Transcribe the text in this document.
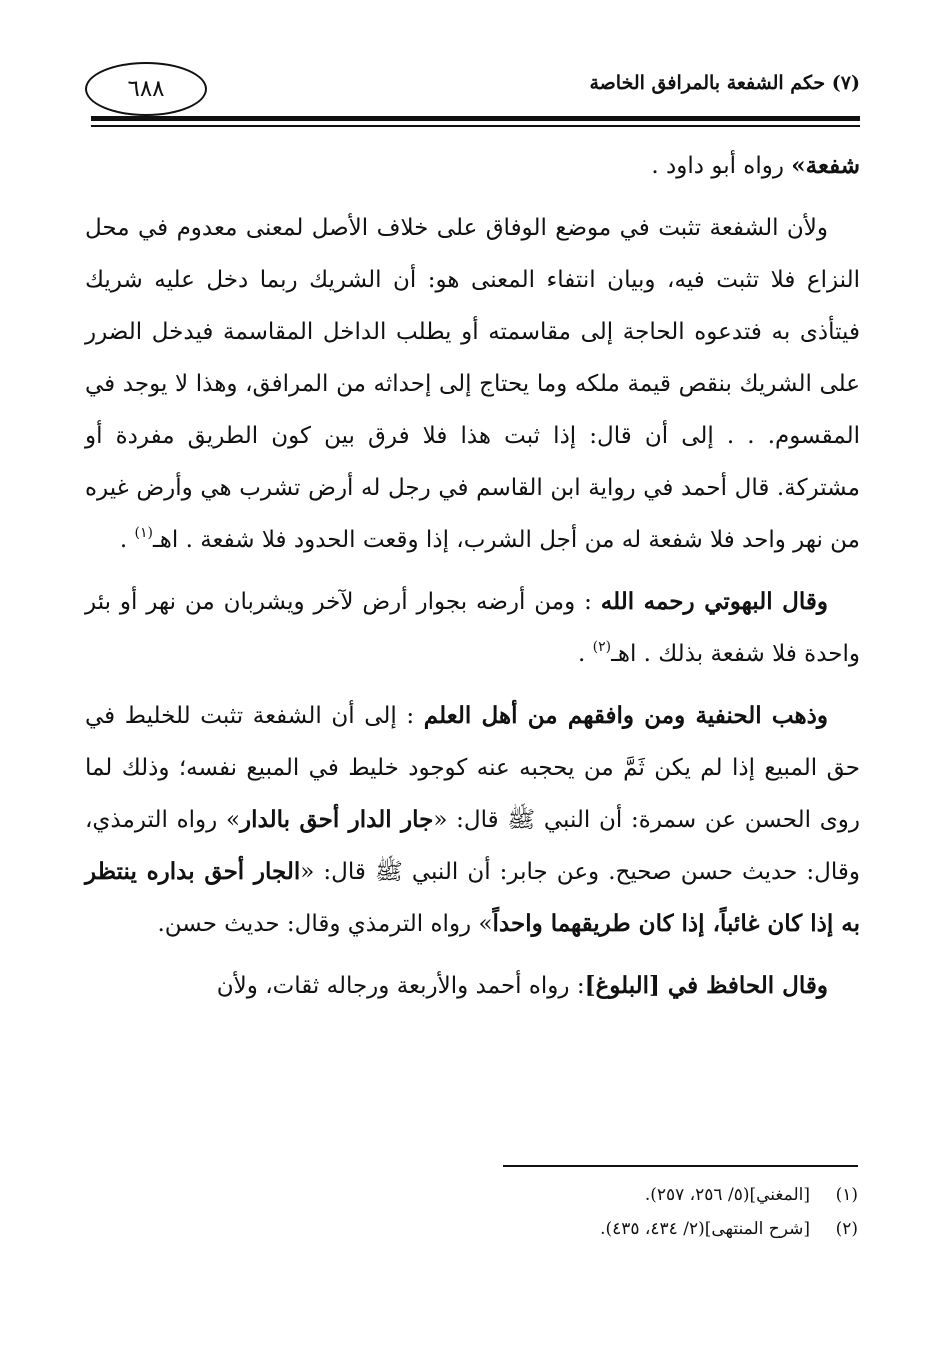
٦٨٨	(٧) حكم الشفعة بالمرافق الخاصة

شفعة» رواه أبو داود .

ولأن الشفعة تثبت في موضع الوفاق على خلاف الأصل لمعنى معدوم في محل النزاع فلا تثبت فيه، وبيان انتفاء المعنى هو: أن الشريك ربما دخل عليه شريك فيتأذى به فتدعوه الحاجة إلى مقاسمته أو يطلب الداخل المقاسمة فيدخل الضرر على الشريك بنقص قيمة ملكه وما يحتاج إلى إحداثه من المرافق، وهذا لا يوجد في المقسوم. . . إلى أن قال: إذا ثبت هذا فلا فرق بين كون الطريق مفردة أو مشتركة. قال أحمد في رواية ابن القاسم في رجل له أرض تشرب هي وأرض غيره من نهر واحد فلا شفعة له من أجل الشرب، إذا وقعت الحدود فلا شفعة . اهـ$^{(١)}$ .

وقال البهوتي رحمه الله : ومن أرضه بجوار أرض لآخر ويشربان من نهر أو بئر واحدة فلا شفعة بذلك . اهـ$^{(٢)}$ .

وذهب الحنفية ومن وافقهم من أهل العلم : إلى أن الشفعة تثبت للخليط في حق المبيع إذا لم يكن ثَمَّ من يحجبه عنه كوجود خليط في المبيع نفسه؛ وذلك لما روى الحسن عن سمرة: أن النبي ﷺ قال: «جار الدار أحق بالدار» رواه الترمذي، وقال: حديث حسن صحيح. وعن جابر: أن النبي ﷺ قال: «الجار أحق بداره ينتظر به إذا كان غائباً، إذا كان طريقهما واحداً» رواه الترمذي وقال: حديث حسن.

وقال الحافظ في [البلوغ]: رواه أحمد والأربعة ورجاله ثقات، ولأن

(١)
[المغني](٥/ ٢٥٦، ٢٥٧).
(٢)
[شرح المنتهى](٢/ ٤٣٤، ٤٣٥).
